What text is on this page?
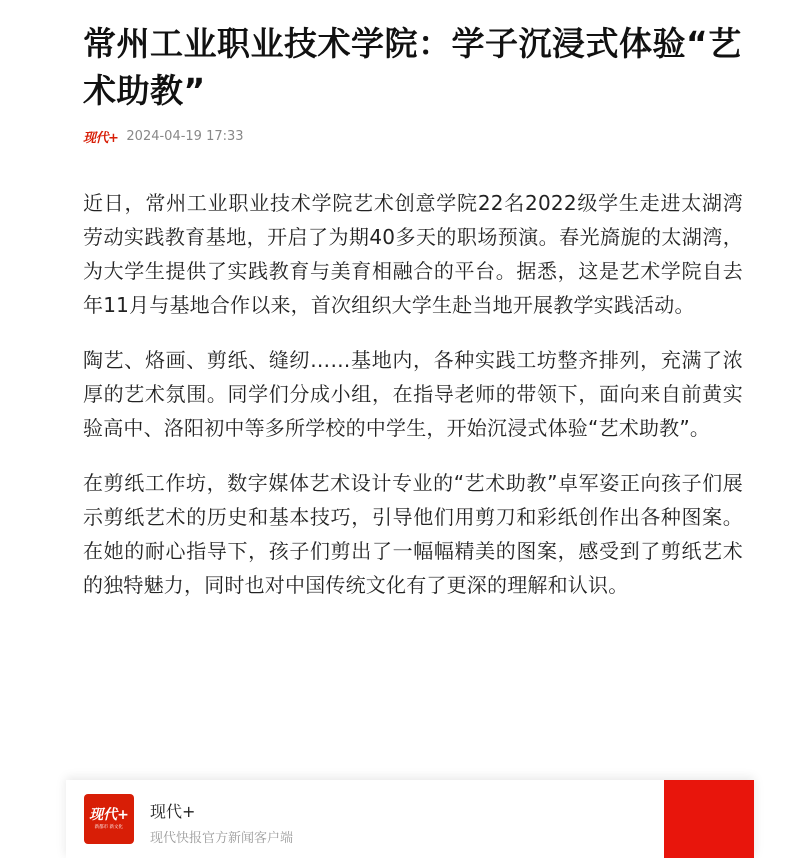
常州工业职业技术学院：学子沉浸式体验“艺术助教”
现代+ 2024-04-19 17:33

近日，常州工业职业技术学院艺术创意学院22名2022级学生走进太湖湾劳动实践教育基地，开启了为期40多天的职场预演。春光旖旎的太湖湾，为大学生提供了实践教育与美育相融合的平台。据悉，这是艺术学院自去年11月与基地合作以来，首次组织大学生赴当地开展教学实践活动。

陶艺、烙画、剪纸、缝纫……基地内，各种实践工坊整齐排列，充满了浓厚的艺术氛围。同学们分成小组，在指导老师的带领下，面向来自前黄实验高中、洛阳初中等多所学校的中学生，开始沉浸式体验“艺术助教”。

在剪纸工作坊，数字媒体艺术设计专业的“艺术助教”卓军姿正向孩子们展示剪纸艺术的历史和基本技巧，引导他们用剪刀和彩纸创作出各种图案。在她的耐心指导下，孩子们剪出了一幅幅精美的图案，感受到了剪纸艺术的独特魅力，同时也对中国传统文化有了更深的理解和认识。

现代+
新都市 新文化
现代+
现代快报官方新闻客户端
